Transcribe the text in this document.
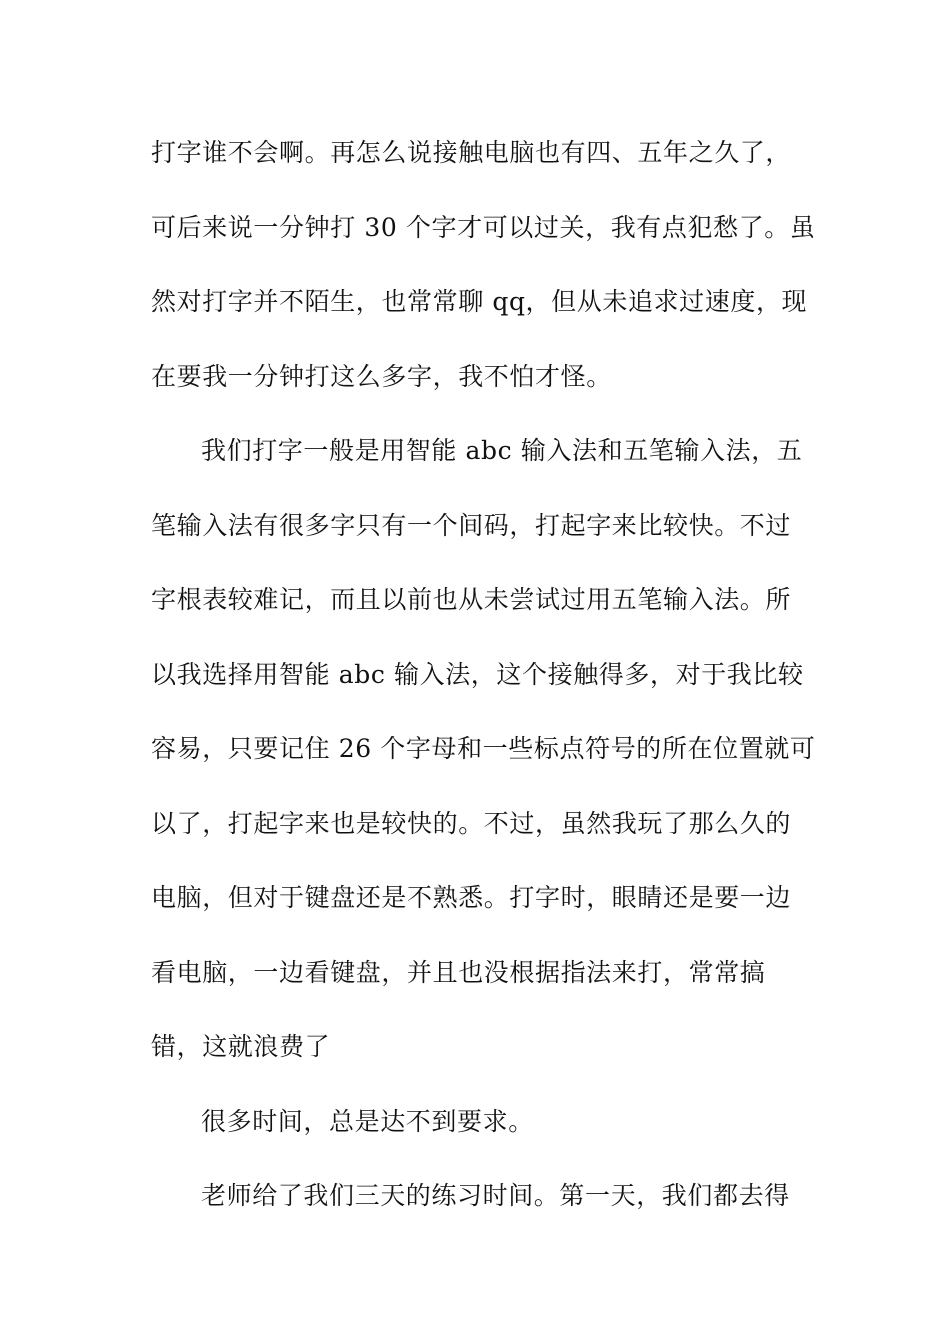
打字谁不会啊。再怎么说接触电脑也有四、五年之久了，
可后来说一分钟打 30 个字才可以过关，我有点犯愁了。虽
然对打字并不陌生，也常常聊 qq，但从未追求过速度，现
在要我一分钟打这么多字，我不怕才怪。
我们打字一般是用智能 abc 输入法和五笔输入法，五
笔输入法有很多字只有一个间码，打起字来比较快。不过
字根表较难记，而且以前也从未尝试过用五笔输入法。所
以我选择用智能 abc 输入法，这个接触得多，对于我比较
容易，只要记住 26 个字母和一些标点符号的所在位置就可
以了，打起字来也是较快的。不过，虽然我玩了那么久的
电脑，但对于键盘还是不熟悉。打字时，眼睛还是要一边
看电脑，一边看键盘，并且也没根据指法来打，常常搞
错，这就浪费了
很多时间，总是达不到要求。
老师给了我们三天的练习时间。第一天，我们都去得
